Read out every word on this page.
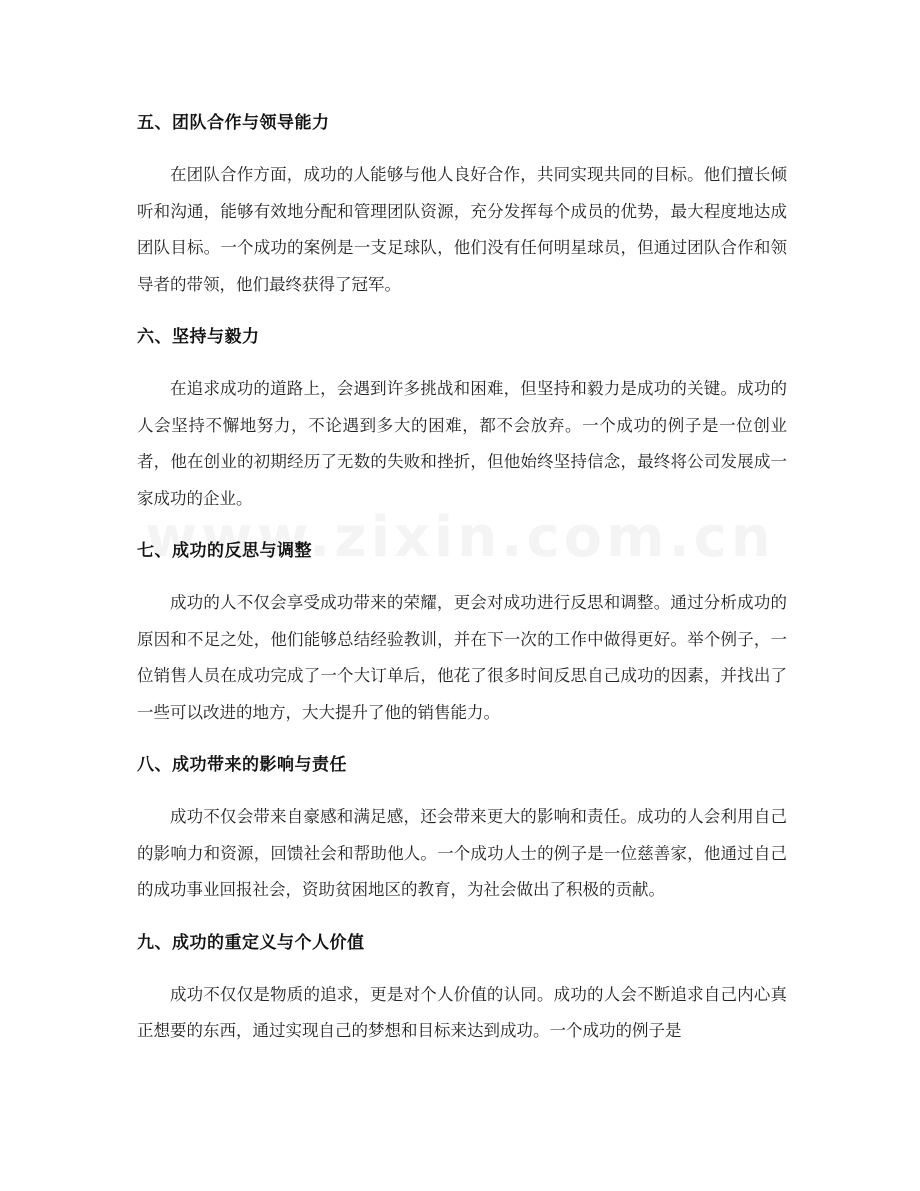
五、团队合作与领导能力

在团队合作方面，成功的人能够与他人良好合作，共同实现共同的目标。他们擅长倾听和沟通，能够有效地分配和管理团队资源，充分发挥每个成员的优势，最大程度地达成团队目标。一个成功的案例是一支足球队，他们没有任何明星球员，但通过团队合作和领导者的带领，他们最终获得了冠军。

六、坚持与毅力

在追求成功的道路上，会遇到许多挑战和困难，但坚持和毅力是成功的关键。成功的人会坚持不懈地努力，不论遇到多大的困难，都不会放弃。一个成功的例子是一位创业者，他在创业的初期经历了无数的失败和挫折，但他始终坚持信念，最终将公司发展成一家成功的企业。

七、成功的反思与调整

成功的人不仅会享受成功带来的荣耀，更会对成功进行反思和调整。通过分析成功的原因和不足之处，他们能够总结经验教训，并在下一次的工作中做得更好。举个例子，一位销售人员在成功完成了一个大订单后，他花了很多时间反思自己成功的因素，并找出了一些可以改进的地方，大大提升了他的销售能力。

八、成功带来的影响与责任

成功不仅会带来自豪感和满足感，还会带来更大的影响和责任。成功的人会利用自己的影响力和资源，回馈社会和帮助他人。一个成功人士的例子是一位慈善家，他通过自己的成功事业回报社会，资助贫困地区的教育，为社会做出了积极的贡献。

九、成功的重定义与个人价值

成功不仅仅是物质的追求，更是对个人价值的认同。成功的人会不断追求自己内心真正想要的东西，通过实现自己的梦想和目标来达到成功。一个成功的例子是
